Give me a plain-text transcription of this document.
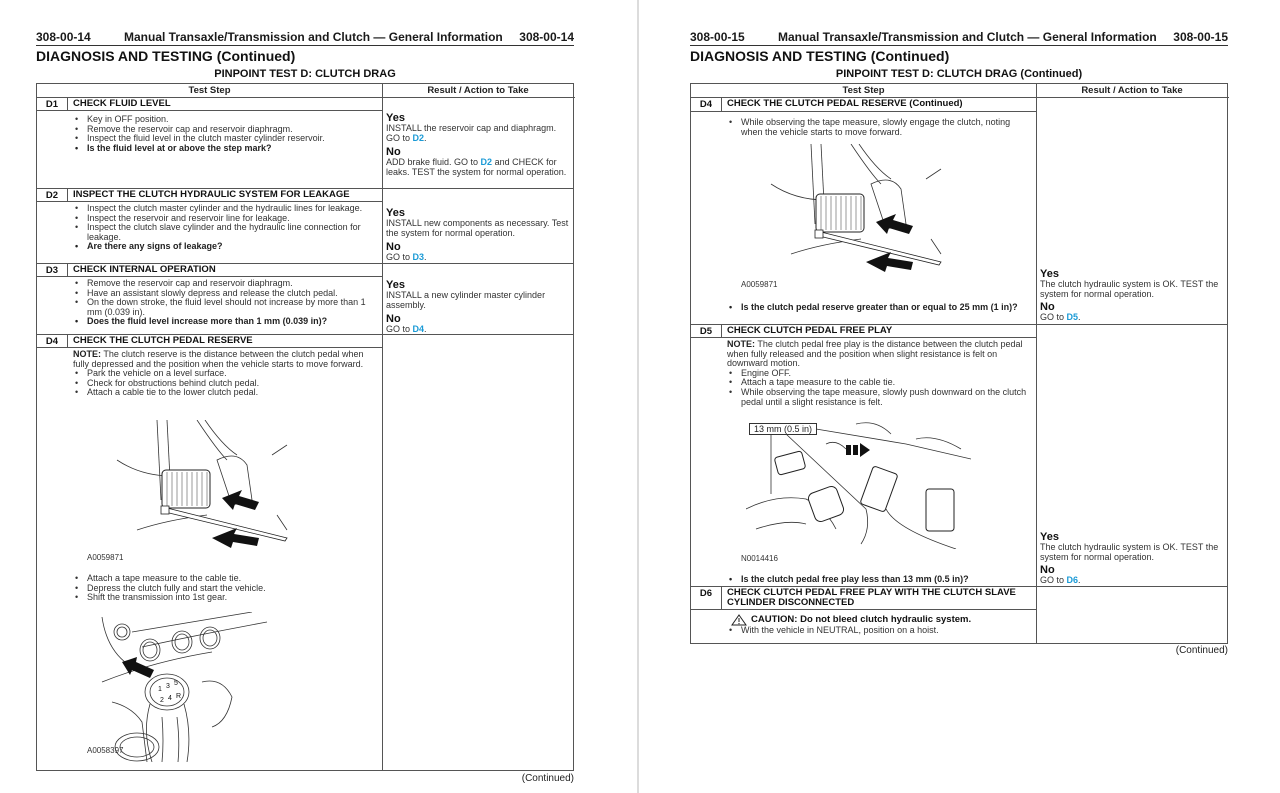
308-00-14	Manual Transaxle/Transmission and Clutch — General Information 308-00-14
DIAGNOSIS AND TESTING (Continued)
PINPOINT TEST D: CLUTCH DRAG
Test Step	Result / Action to Take
D1	CHECK FLUID LEVEL
• Key in OFF position.
• Remove the reservoir cap and reservoir diaphragm.
• Inspect the fluid level in the clutch master cylinder reservoir.
• Is the fluid level at or above the step mark?
Yes
INSTALL the reservoir cap and diaphragm. GO to D2.
No
ADD brake fluid. GO to D2 and CHECK for leaks. TEST the system for normal operation.
D2	INSPECT THE CLUTCH HYDRAULIC SYSTEM FOR LEAKAGE
• Inspect the clutch master cylinder and the hydraulic lines for leakage.
• Inspect the reservoir and reservoir line for leakage.
• Inspect the clutch slave cylinder and the hydraulic line connection for leakage.
• Are there any signs of leakage?
Yes
INSTALL new components as necessary. Test the system for normal operation.
No
GO to D3.
D3	CHECK INTERNAL OPERATION
• Remove the reservoir cap and reservoir diaphragm.
• Have an assistant slowly depress and release the clutch pedal.
• On the down stroke, the fluid level should not increase by more than 1 mm (0.039 in).
• Does the fluid level increase more than 1 mm (0.039 in)?
Yes
INSTALL a new cylinder master cylinder assembly.
No
GO to D4.
D4	CHECK THE CLUTCH PEDAL RESERVE
NOTE: The clutch reserve is the distance between the clutch pedal when fully depressed and the position when the vehicle starts to move forward.
• Park the vehicle on a level surface.
• Check for obstructions behind clutch pedal.
• Attach a cable tie to the lower clutch pedal.
A0059871
• Attach a tape measure to the cable tie.
• Depress the clutch fully and start the vehicle.
• Shift the transmission into 1st gear.
1 3 5
2 4 R
A0058397
(Continued)
308-00-15	Manual Transaxle/Transmission and Clutch — General Information 308-00-15
DIAGNOSIS AND TESTING (Continued)
PINPOINT TEST D: CLUTCH DRAG (Continued)
Test Step	Result / Action to Take
D4	CHECK THE CLUTCH PEDAL RESERVE (Continued)
• While observing the tape measure, slowly engage the clutch, noting when the vehicle starts to move forward.
A0059871
• Is the clutch pedal reserve greater than or equal to 25 mm (1 in)?
Yes
The clutch hydraulic system is OK. TEST the system for normal operation.
No
GO to D5.
D5	CHECK CLUTCH PEDAL FREE PLAY
NOTE: The clutch pedal free play is the distance between the clutch pedal when fully released and the position when slight resistance is felt on downward motion.
• Engine OFF.
• Attach a tape measure to the cable tie.
• While observing the tape measure, slowly push downward on the clutch pedal until a slight resistance is felt.
13 mm (0.5 in)
N0014416
• Is the clutch pedal free play less than 13 mm (0.5 in)?
Yes
The clutch hydraulic system is OK. TEST the system for normal operation.
No
GO to D6.
D6	CHECK CLUTCH PEDAL FREE PLAY WITH THE CLUTCH SLAVE CYLINDER DISCONNECTED
CAUTION: Do not bleed clutch hydraulic system.
• With the vehicle in NEUTRAL, position on a hoist.
(Continued)
